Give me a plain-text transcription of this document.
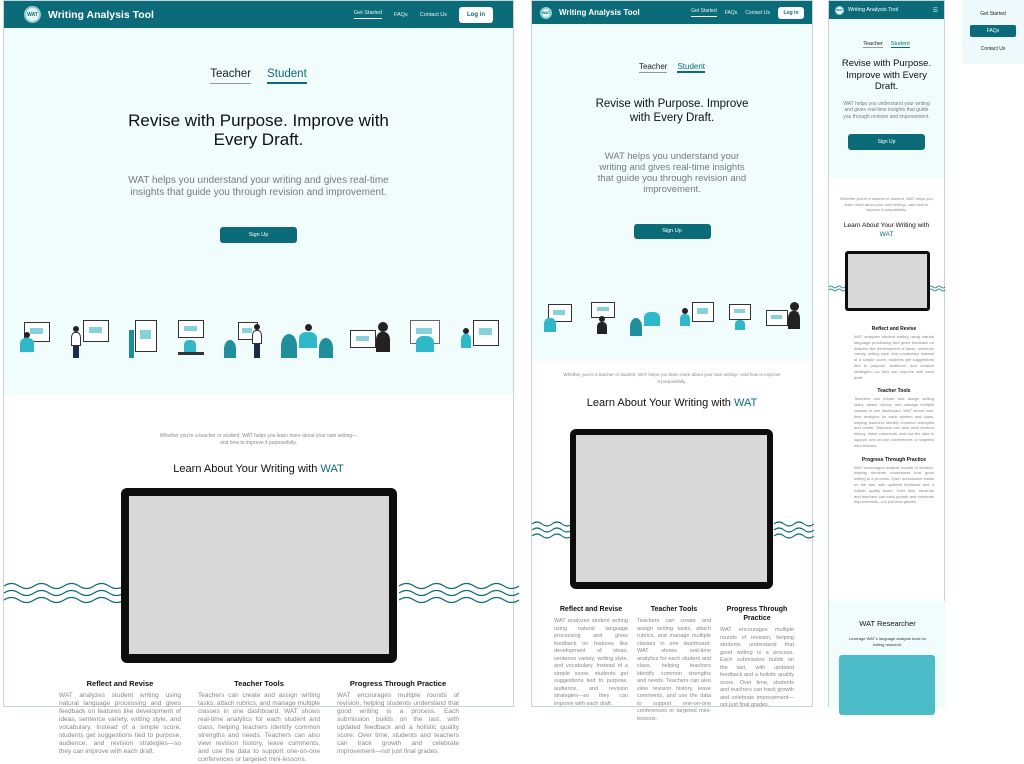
WAT Writing Analysis Tool	Get Started FAQs Contact Us	Log in
Teacher Student
Revise with Purpose. Improve with Every Draft.

WAT helps you understand your writing and gives real-time insights that guide you through revision and improvement.

Sign Up

Whether you're a teacher or student, WAT helps you learn more about your own writing—and how to improve it purposefully.

Learn About Your Writing with WAT
Reflect and Revise

WAT analyzes student writing using natural language processing and gives feedback on features like development of ideas, sentence variety, writing style, and vocabulary. Instead of a simple score, students get suggestions tied to purpose, audience, and revision strategies—so they can improve with each draft.

Teacher Tools

Teachers can create and assign writing tasks, attach rubrics, and manage multiple classes in one dashboard. WAT shows real-time analytics for each student and class, helping teachers identify common strengths and needs. Teachers can also view revision history, leave comments, and use the data to support one-on-one conferences or targeted mini-lessons.

Progress Through Practice

WAT encourages multiple rounds of revision, helping students understand that good writing is a process. Each submission builds on the last, with updated feedback and a holistic quality score. Over time, students and teachers can track growth and celebrate improvement—not just final grades.

WAT Writing Analysis Tool	Get Started FAQs Contact Us	Log in
Teacher Student
Revise with Purpose. Improve with Every Draft.

WAT helps you understand your writing and gives real-time insights that guide you through revision and improvement.

Sign Up

Whether you're a teacher or student, WAT helps you learn more about your own writing—and how to improve it purposefully.

Learn About Your Writing with WAT
Reflect and Revise

WAT analyzes student writing using natural language processing and gives feedback on features like development of ideas, sentence variety, writing style, and vocabulary. Instead of a simple score, students get suggestions tied to purpose, audience, and revision strategies—so they can improve with each draft.

Teacher Tools

Teachers can create and assign writing tasks, attach rubrics, and manage multiple classes in one dashboard. WAT shows real-time analytics for each student and class, helping teachers identify common strengths and needs. Teachers can also view revision history, leave comments, and use the data to support one-on-one conferences or targeted mini-lessons.

Progress Through Practice

WAT encourages multiple rounds of revision, helping students understand that good writing is a process. Each submission builds on the last, with updated feedback and a holistic quality score. Over time, students and teachers can track growth and celebrate improvement—not just final grades.

WAT Writing Analysis Tool	☰
Teacher Student
Revise with Purpose. Improve with Every Draft.

WAT helps you understand your writing and gives real-time insights that guide you through revision and improvement.

Sign Up

Whether you're a teacher or student, WAT helps you learn more about your own writing—and how to improve it purposefully.

Learn About Your Writing with WAT
Reflect and Revise

WAT analyzes student writing using natural language processing and gives feedback on features like development of ideas, sentence variety, writing style, and vocabulary. Instead of a simple score, students get suggestions tied to purpose, audience, and revision strategies—so they can improve with each draft.

Teacher Tools

Teachers can create and assign writing tasks, attach rubrics, and manage multiple classes in one dashboard. WAT shows real-time analytics for each student and class, helping teachers identify common strengths and needs. Teachers can also view revision history, leave comments, and use the data to support one-on-one conferences or targeted mini-lessons.

Progress Through Practice

WAT encourages multiple rounds of revision, helping students understand that good writing is a process. Each submission builds on the last, with updated feedback and a holistic quality score. Over time, students and teachers can track growth and celebrate improvement—not just final grades.

WAT Researcher

Leverage WAT's language analysis tools for writing research.

Get Started
FAQs
Contact Us
